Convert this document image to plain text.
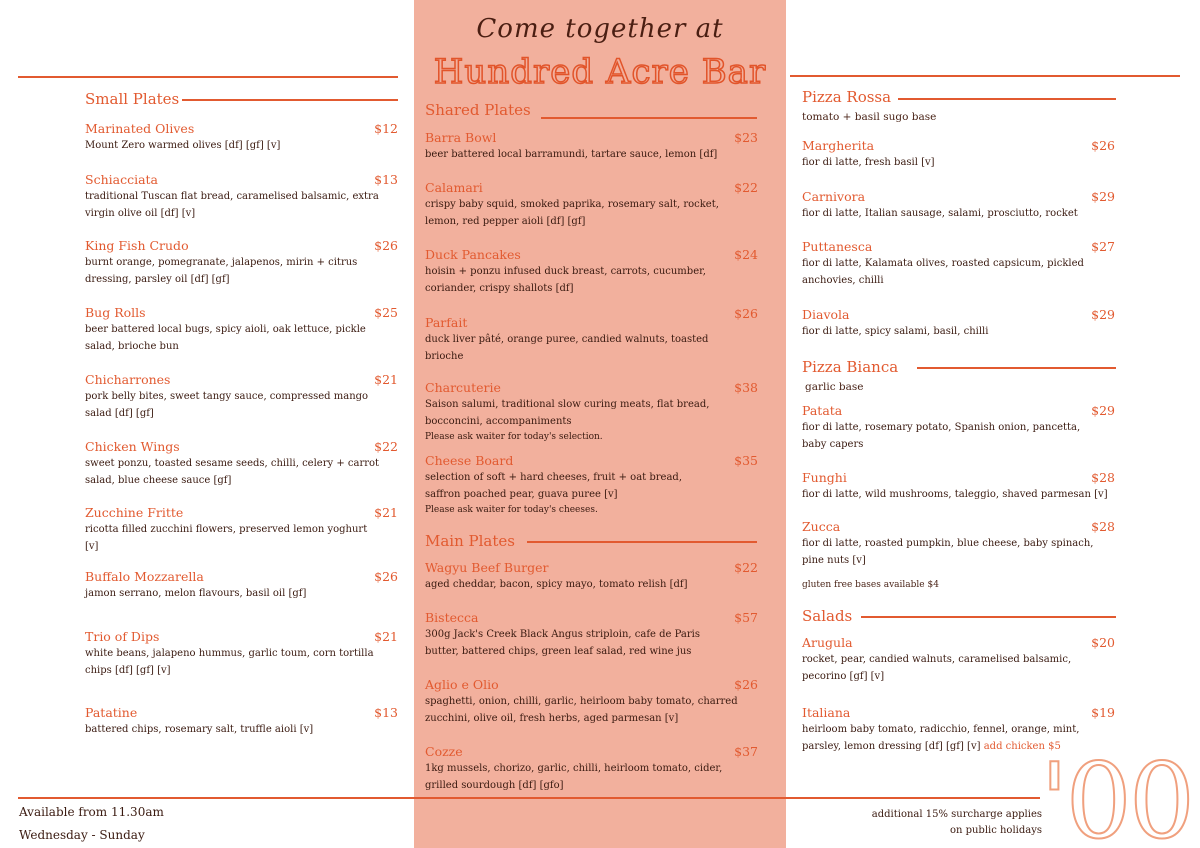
Come together at
Hundred Acre Bar
Small Plates
Marinated Olives	$12
Mount Zero warmed olives [df] [gf] [v]
Schiacciata	$13
traditional Tuscan flat bread, caramelised balsamic, extra virgin olive oil [df] [v]
King Fish Crudo	$26
burnt orange, pomegranate, jalapenos, mirin + citrus dressing, parsley oil [df] [gf]
Bug Rolls	$25
beer battered local bugs, spicy aioli, oak lettuce, pickle salad, brioche bun
Chicharrones	$21
pork belly bites, sweet tangy sauce, compressed mango salad [df] [gf]
Chicken Wings	$22
sweet ponzu, toasted sesame seeds, chilli, celery + carrot salad, blue cheese sauce [gf]
Zucchine Fritte	$21
ricotta filled zucchini flowers, preserved lemon yoghurt [v]
Buffalo Mozzarella	$26
jamon serrano, melon flavours, basil oil [gf]
Trio of Dips	$21
white beans, jalapeno hummus, garlic toum, corn tortilla chips [df] [gf] [v]
Patatine	$13
battered chips, rosemary salt, truffle aioli [v]
Shared Plates
Barra Bowl	$23
beer battered local barramundi, tartare sauce, lemon [df]
Calamari	$22
crispy baby squid, smoked paprika, rosemary salt, rocket, lemon, red pepper aioli [df] [gf]
Duck Pancakes	$24
hoisin + ponzu infused duck breast, carrots, cucumber, coriander, crispy shallots [df]
Parfait
$26
duck liver pâté, orange puree, candied walnuts, toasted brioche
Charcuterie	$38
Saison salumi, traditional slow curing meats, flat bread, bocconcini, accompaniments
Please ask waiter for today's selection.
Cheese Board	$35
selection of soft + hard cheeses, fruit + oat bread, saffron poached pear, guava puree [v]
Please ask waiter for today's cheeses.
Main Plates
Wagyu Beef Burger	$22
aged cheddar, bacon, spicy mayo, tomato relish [df]
Bistecca	$57
300g Jack's Creek Black Angus striploin, cafe de Paris butter, battered chips, green leaf salad, red wine jus
Aglio e Olio	$26
spaghetti, onion, chilli, garlic, heirloom baby tomato, charred zucchini, olive oil, fresh herbs, aged parmesan [v]
Cozze	$37
1kg mussels, chorizo, garlic, chilli, heirloom tomato, cider, grilled sourdough [df] [gfo]
Pizza Rossa
tomato + basil sugo base
Margherita	$26
fior di latte, fresh basil [v]
Carnivora	$29
fior di latte, Italian sausage, salami, prosciutto, rocket
Puttanesca	$27
fior di latte, Kalamata olives, roasted capsicum, pickled anchovies, chilli
Diavola	$29
fior di latte, spicy salami, basil, chilli
Pizza Bianca
garlic base
Patata	$29
fior di latte, rosemary potato, Spanish onion, pancetta, baby capers
Funghi	$28
fior di latte, wild mushrooms, taleggio, shaved parmesan [v]
Zucca	$28
fior di latte, roasted pumpkin, blue cheese, baby spinach, pine nuts [v]
gluten free bases available $4
Salads
Arugula	$20
rocket, pear, candied walnuts, caramelised balsamic, pecorino [gf] [v]
Italiana	$19
heirloom baby tomato, radicchio, fennel, orange, mint, parsley, lemon dressing [df] [gf] [v] add chicken $5
Available from 11.30am
Wednesday - Sunday
additional 15% surcharge applies
on public holidays
'00
